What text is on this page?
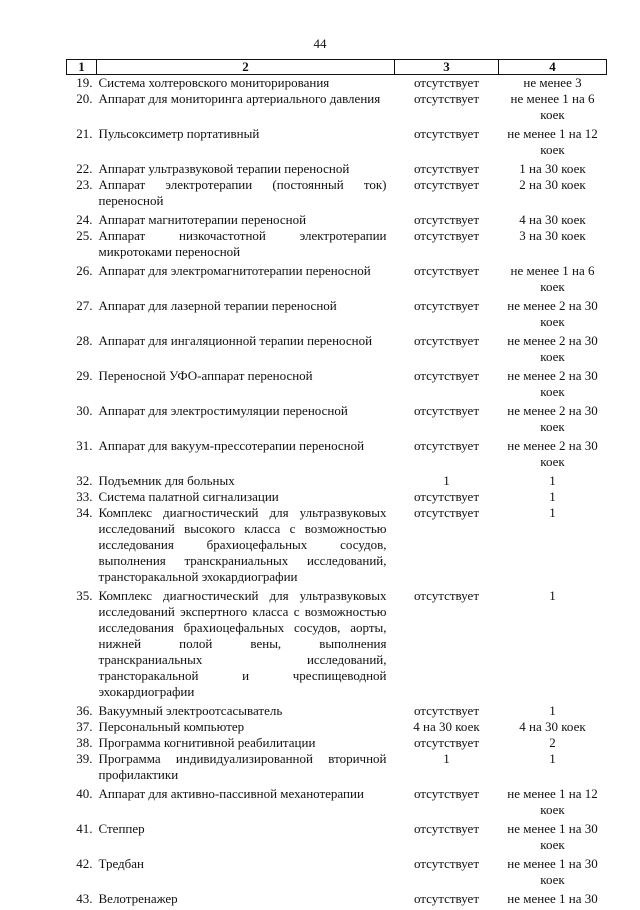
44
1	2	3	4
19.	Система холтеровского мониторирования	отсутствует	не менее 3
20.	Аппарат для мониторинга артериального давления	отсутствует	не менее 1 на 6 коек
21.	Пульсоксиметр портативный	отсутствует	не менее 1 на 12 коек
22.	Аппарат ультразвуковой терапии переносной	отсутствует	1 на 30 коек
23.	Аппарат электротерапии (постоянный ток) переносной	отсутствует	2 на 30 коек
24.	Аппарат магнитотерапии переносной	отсутствует	4 на 30 коек
25.	Аппарат низкочастотной электротерапии микротоками переносной	отсутствует	3 на 30 коек
26.	Аппарат для электромагнитотерапии переносной	отсутствует	не менее 1 на 6 коек
27.	Аппарат для лазерной терапии переносной	отсутствует	не менее 2 на 30 коек
28.	Аппарат для ингаляционной терапии переносной	отсутствует	не менее 2 на 30 коек
29.	Переносной УФО-аппарат переносной	отсутствует	не менее 2 на 30 коек
30.	Аппарат для электростимуляции переносной	отсутствует	не менее 2 на 30 коек
31.	Аппарат для вакуум-прессотерапии переносной	отсутствует	не менее 2 на 30 коек
32.	Подъемник для больных	1	1
33.	Система палатной сигнализации	отсутствует	1
34.	Комплекс диагностический для ультразвуковых исследований высокого класса с возможностью исследования брахиоцефальных сосудов, выполнения транскраниальных исследований, трансторакальной эхокардиографии	отсутствует	1
35.	Комплекс диагностический для ультразвуковых исследований экспертного класса с возможностью исследования брахиоцефальных сосудов, аорты, нижней полой вены, выполнения транскраниальных исследований, трансторакальной и чреспищеводной эхокардиографии	отсутствует	1
36.	Вакуумный электроотсасыватель	отсутствует	1
37.	Персональный компьютер	4 на 30 коек	4 на 30 коек
38.	Программа когнитивной реабилитации	отсутствует	2
39.	Программа индивидуализированной вторичной профилактики	1	1
40.	Аппарат для активно-пассивной механотерапии	отсутствует	не менее 1 на 12 коек
41.	Степпер	отсутствует	не менее 1 на 30 коек
42.	Тредбан	отсутствует	не менее 1 на 30 коек
43.	Велотренажер	отсутствует	не менее 1 на 30
